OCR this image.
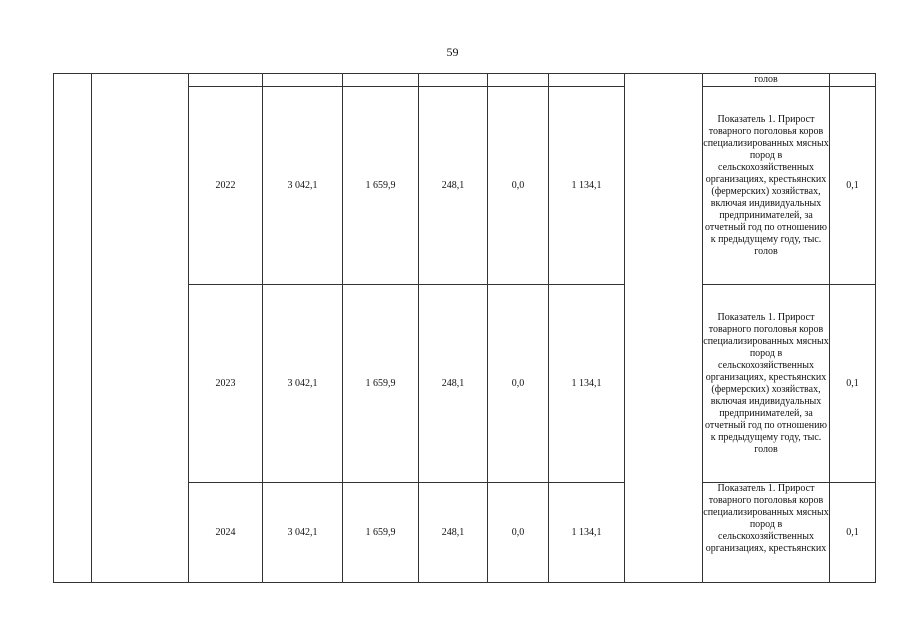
59
									голов	
		2022	3 042,1	1 659,9	248,1	0,0	1 134,1		Показатель 1. Прирост товарного поголовья коров специализированных мясных пород в сельскохозяйственных организациях, крестьянских (фермерских) хозяйствах, включая индивидуальных предпринимателей, за отчетный год по отношению к предыдущему году, тыс. голов	0,1
		2023	3 042,1	1 659,9	248,1	0,0	1 134,1		Показатель 1. Прирост товарного поголовья коров специализированных мясных пород в сельскохозяйственных организациях, крестьянских (фермерских) хозяйствах, включая индивидуальных предпринимателей, за отчетный год по отношению к предыдущему году, тыс. голов	0,1
		2024	3 042,1	1 659,9	248,1	0,0	1 134,1		Показатель 1. Прирост товарного поголовья коров специализированных мясных пород в сельскохозяйственных организациях, крестьянских	0,1
